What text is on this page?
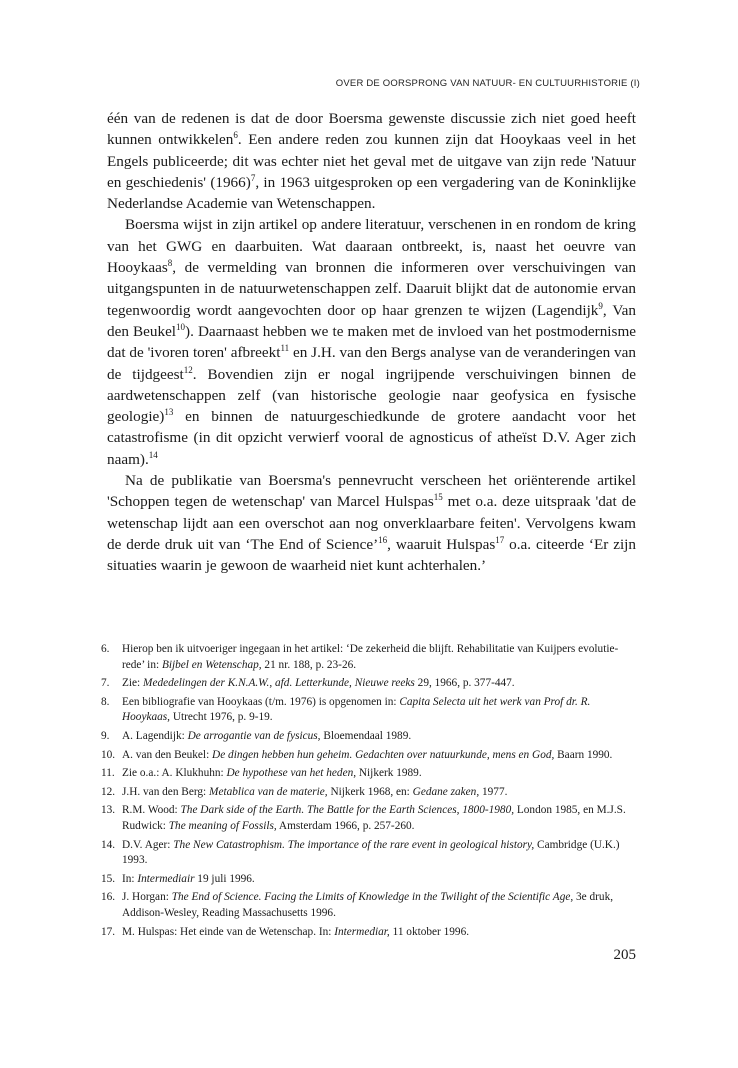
OVER DE OORSPRONG VAN NATUUR- EN CULTUURHISTORIE (I)

één van de redenen is dat de door Boersma gewenste discussie zich niet goed heeft kunnen ontwikkelen$^6$. Een andere reden zou kunnen zijn dat Hooykaas veel in het Engels publiceerde; dit was echter niet het geval met de uitgave van zijn rede 'Natuur en geschiedenis' (1966)$^7$, in 1963 uitgesproken op een vergadering van de Koninklijke Nederlandse Academie van Wetenschappen.

Boersma wijst in zijn artikel op andere literatuur, verschenen in en rondom de kring van het GWG en daarbuiten. Wat daaraan ontbreekt, is, naast het oeuvre van Hooykaas$^8$, de vermelding van bronnen die informeren over verschuivingen van uitgangspunten in de natuurwetenschappen zelf. Daaruit blijkt dat de autonomie ervan tegenwoordig wordt aangevochten door op haar grenzen te wijzen (Lagendijk$^9$, Van den Beukel$^{10}$). Daarnaast hebben we te maken met de invloed van het postmodernisme dat de 'ivoren toren' afbreekt$^{11}$ en J.H. van den Bergs analyse van de veranderingen van de tijdgeest$^{12}$. Bovendien zijn er nogal ingrijpende verschuivingen binnen de aardwetenschappen zelf (van historische geologie naar geofysica en fysische geologie)$^{13}$ en binnen de natuurgeschiedkunde de grotere aandacht voor het catastrofisme (in dit opzicht verwierf vooral de agnosticus of atheïst D.V. Ager zich naam).$^{14}$

Na de publikatie van Boersma's pennevrucht verscheen het oriënterende artikel 'Schoppen tegen de wetenschap' van Marcel Hulspas$^{15}$ met o.a. deze uitspraak 'dat de wetenschap lijdt aan een overschot aan nog onverklaarbare feiten'. Vervolgens kwam de derde druk uit van ‘The End of Science’$^{16}$, waaruit Hulspas$^{17}$ o.a. citeerde ‘Er zijn situaties waarin je gewoon de waarheid niet kunt achterhalen.’

6. Hierop ben ik uitvoeriger ingegaan in het artikel: ‘De zekerheid die blijft. Rehabilitatie van Kuijpers evolutie-rede’ in: Bijbel en Wetenschap, 21 nr. 188, p. 23-26.
7. Zie: Mededelingen der K.N.A.W., afd. Letterkunde, Nieuwe reeks 29, 1966, p. 377-447.
8. Een bibliografie van Hooykaas (t/m. 1976) is opgenomen in: Capita Selecta uit het werk van Prof dr. R. Hooykaas, Utrecht 1976, p. 9-19.
9. A. Lagendijk: De arrogantie van de fysicus, Bloemendaal 1989.
10. A. van den Beukel: De dingen hebben hun geheim. Gedachten over natuurkunde, mens en God, Baarn 1990.
11. Zie o.a.: A. Klukhuhn: De hypothese van het heden, Nijkerk 1989.
12. J.H. van den Berg: Metablica van de materie, Nijkerk 1968, en: Gedane zaken, 1977.
13. R.M. Wood: The Dark side of the Earth. The Battle for the Earth Sciences, 1800-1980, London 1985, en M.J.S. Rudwick: The meaning of Fossils, Amsterdam 1966, p. 257-260.
14. D.V. Ager: The New Catastrophism. The importance of the rare event in geological history, Cambridge (U.K.) 1993.
15. In: Intermediair 19 juli 1996.
16. J. Horgan: The End of Science. Facing the Limits of Knowledge in the Twilight of the Scientific Age, 3e druk, Addison-Wesley, Reading Massachusetts 1996.
17. M. Hulspas: Het einde van de Wetenschap. In: Intermediar, 11 oktober 1996.
205
